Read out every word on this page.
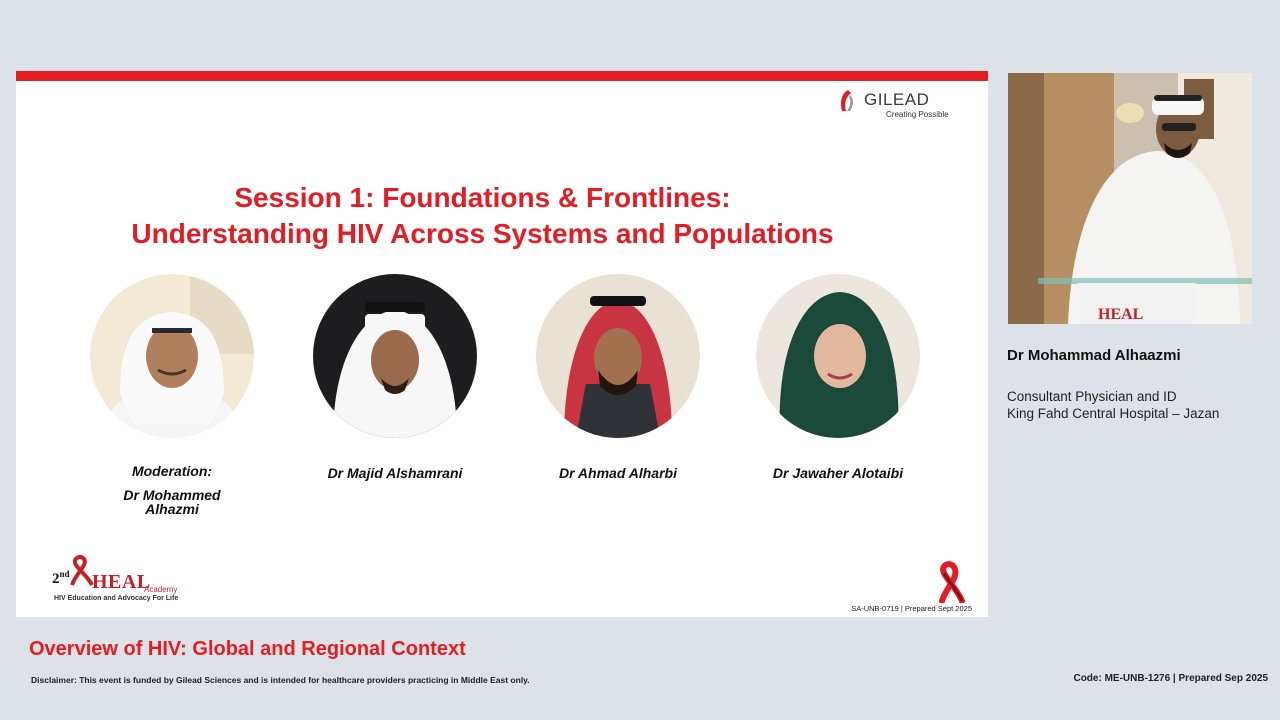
GILEAD
Creating Possible
Session 1: Foundations & Frontlines:
Understanding HIV Across Systems and Populations
Moderation:
Dr Mohammed Alhazmi
Dr Majid Alshamrani	Dr Ahmad Alharbi	Dr Jawaher Alotaibi
2nd HEAL
Academy
HIV Education and Advocacy For Life
SA-UNB-0719 | Prepared Sept 2025
HEAL
Dr Mohammad Alhaazmi
Consultant Physician and ID
King Fahd Central Hospital – Jazan
Overview of HIV: Global and Regional Context
Disclaimer: This event is funded by Gilead Sciences and is intended for healthcare providers practicing in Middle East only.	Code: ME-UNB-1276 | Prepared Sep 2025
